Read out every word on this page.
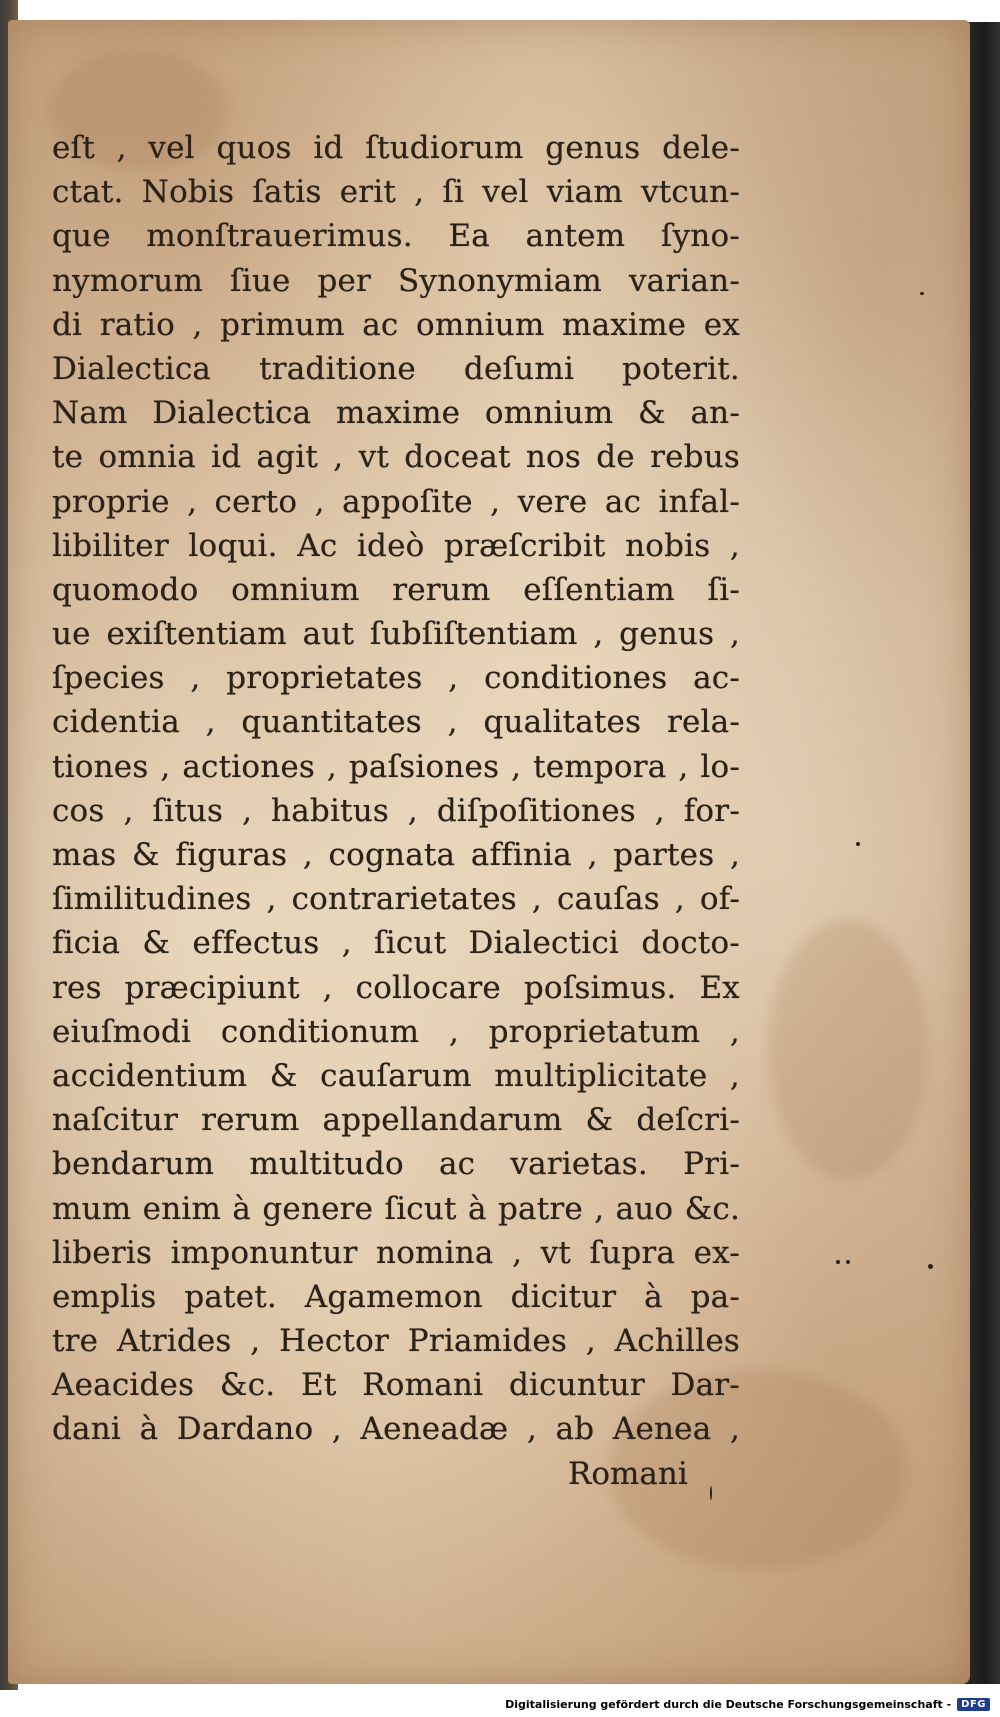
eſt , vel quos id ſtudiorum genus dele-
ctat. Nobis ſatis erit , ſi vel viam vtcun-
que monſtrauerimus. Ea antem ſyno-
nymorum ſiue per Synonymiam varian-
di ratio , primum ac omnium maxime ex
Dialectica traditione deſumi poterit.
Nam Dialectica maxime omnium & an-
te omnia id agit , vt doceat nos de rebus
proprie , certo , appoſite , vere ac infal-
libiliter loqui. Ac ideò præſcribit nobis ,
quomodo omnium rerum eſſentiam ſi-
ue exiſtentiam aut ſubſiſtentiam , genus ,
ſpecies , proprietates , conditiones ac-
cidentia , quantitates , qualitates rela-
tiones , actiones , paſsiones , tempora , lo-
cos , ſitus , habitus , diſpoſitiones , for-
mas & figuras , cognata affinia , partes ,
ſimilitudines , contrarietates , cauſas , of-
ficia & effectus , ſicut Dialectici docto-
res præcipiunt , collocare poſsimus. Ex
eiuſmodi conditionum , proprietatum ,
accidentium & cauſarum multiplicitate ,
naſcitur rerum appellandarum & deſcri-
bendarum multitudo ac varietas. Pri-
mum enim à genere ſicut à patre , auo &c.
liberis imponuntur nomina , vt ſupra ex-
emplis patet. Agamemon dicitur à pa-
tre Atrides , Hector Priamides , Achilles
Aeacides &c. Et Romani dicuntur Dar-
dani à Dardano , Aeneadæ , ab Aenea ,
Romani
Digitalisierung gefördert durch die Deutsche Forschungsgemeinschaft -	DFG
